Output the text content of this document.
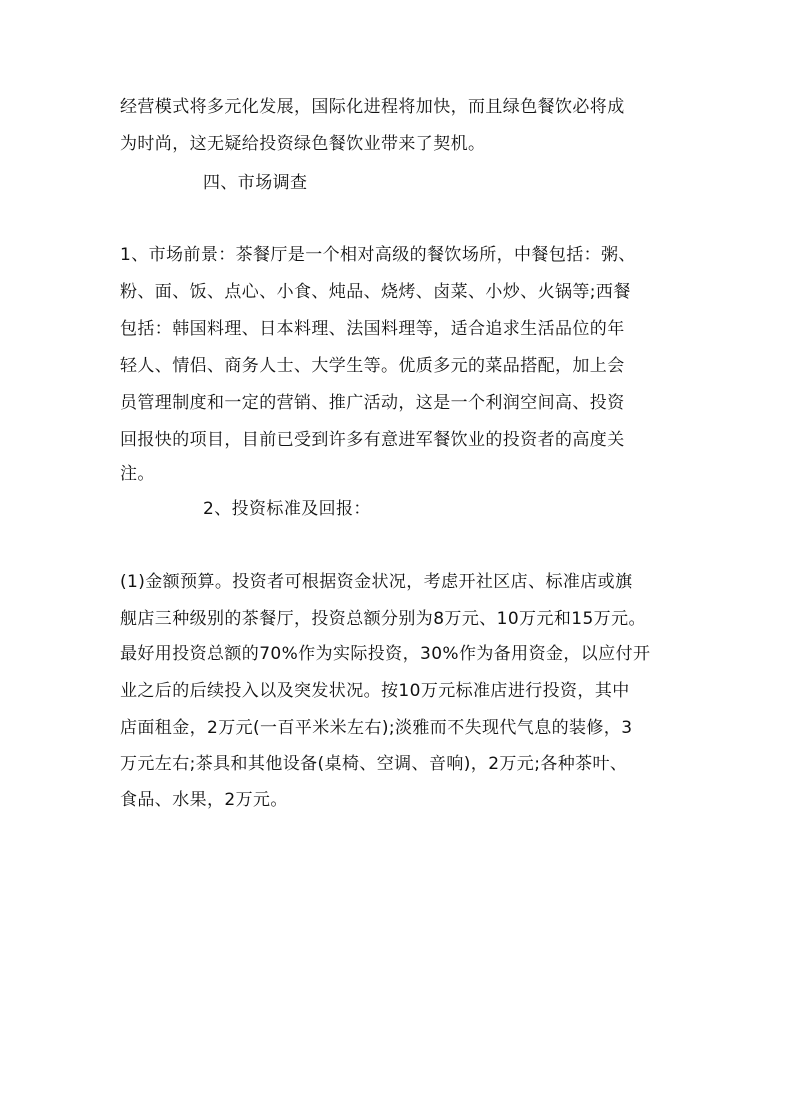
经营模式将多元化发展，国际化进程将加快，而且绿色餐饮必将成
为时尚，这无疑给投资绿色餐饮业带来了契机。
四、市场调查
1、市场前景：茶餐厅是一个相对高级的餐饮场所，中餐包括：粥、
粉、面、饭、点心、小食、炖品、烧烤、卤菜、小炒、火锅等;西餐
包括：韩国料理、日本料理、法国料理等，适合追求生活品位的年
轻人、情侣、商务人士、大学生等。优质多元的菜品搭配，加上会
员管理制度和一定的营销、推广活动，这是一个利润空间高、投资
回报快的项目，目前已受到许多有意进军餐饮业的投资者的高度关
注。
2、投资标准及回报：
(1)金额预算。投资者可根据资金状况，考虑开社区店、标准店或旗
舰店三种级别的茶餐厅，投资总额分别为8万元、10万元和15万元。
最好用投资总额的70%作为实际投资，30%作为备用资金，以应付开
业之后的后续投入以及突发状况。按10万元标准店进行投资，其中
店面租金，2万元(一百平米米左右);淡雅而不失现代气息的装修，3
万元左右;茶具和其他设备(桌椅、空调、音响)，2万元;各种茶叶、
食品、水果，2万元。
